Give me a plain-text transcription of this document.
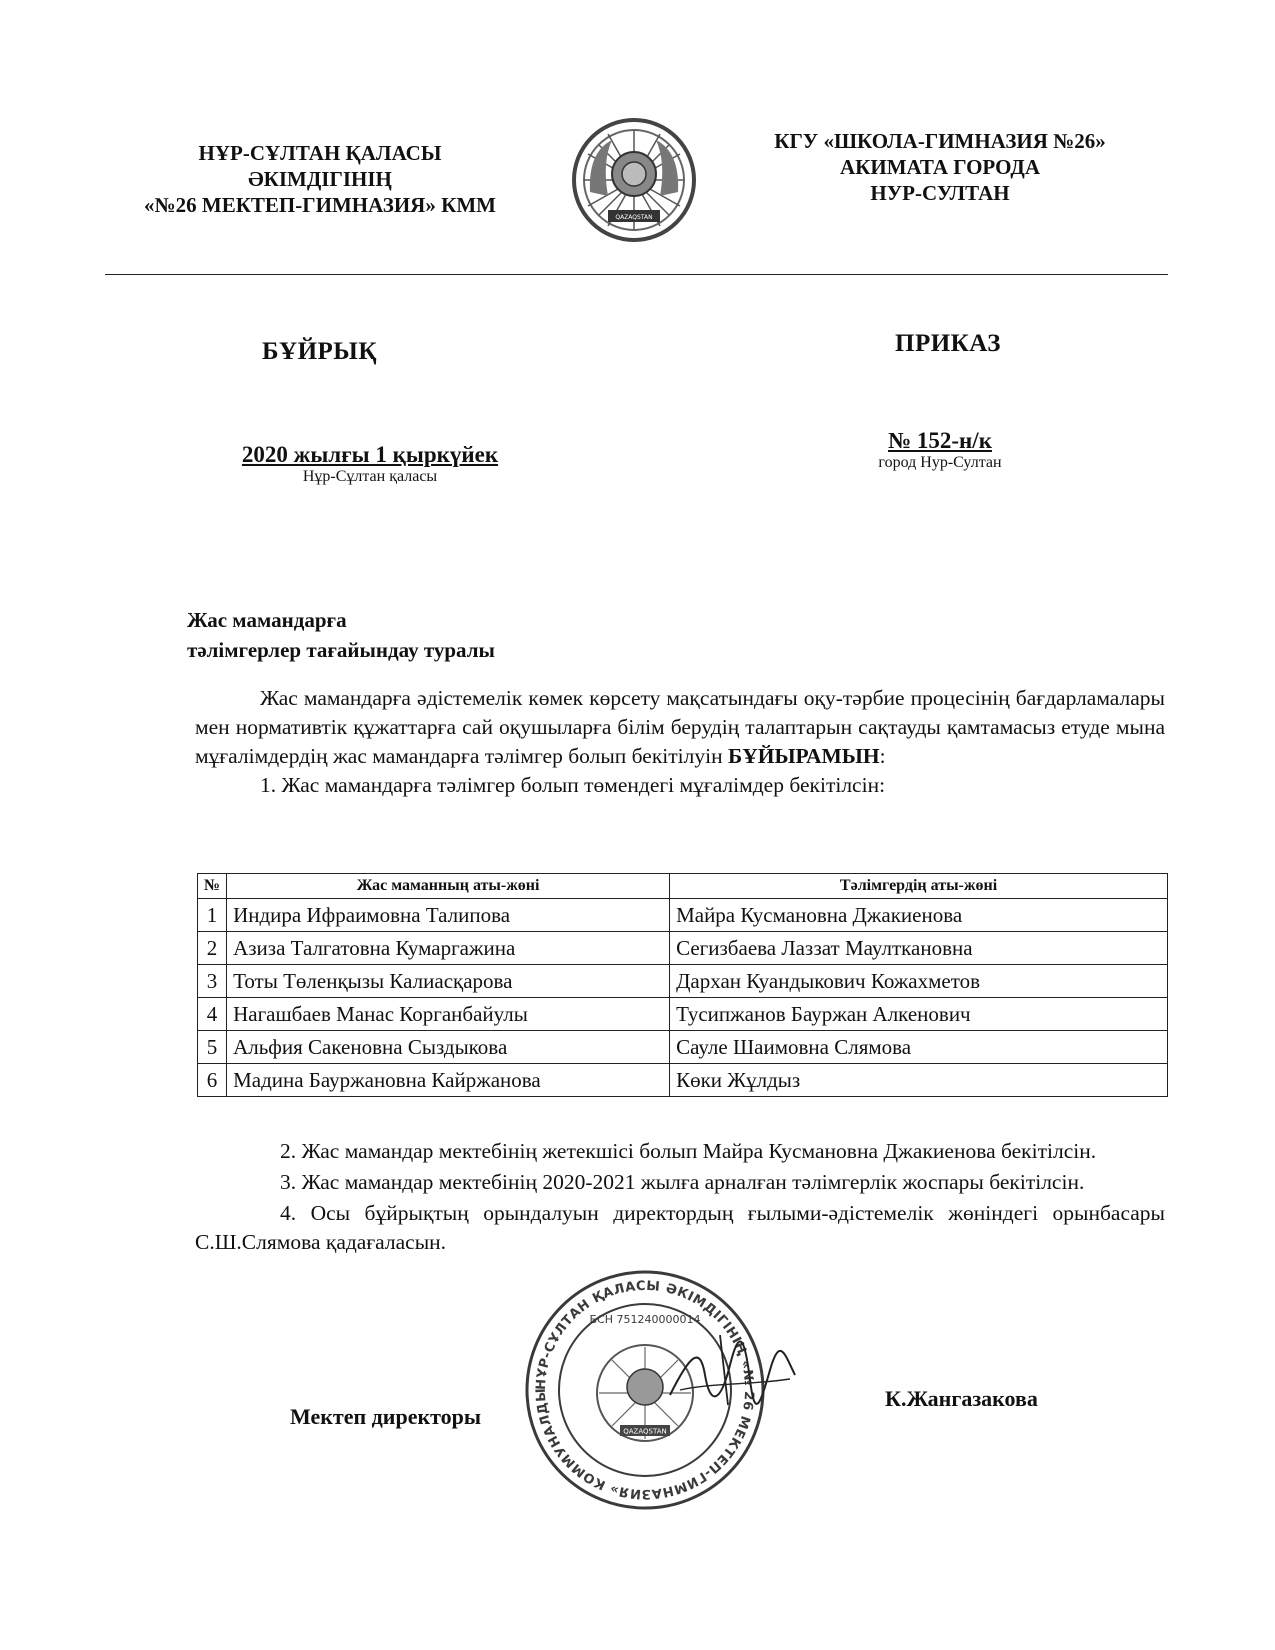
НҰР-СҰЛТАН ҚАЛАСЫ
ӘКІМДІГІНІҢ
«№26 МЕКТЕП-ГИМНАЗИЯ» КММ
QAZAQSTAN
КГУ «ШКОЛА-ГИМНАЗИЯ №26»
АКИМАТА ГОРОДА
НУР-СУЛТАН
БҰЙРЫҚ	ПРИКАЗ
2020 жылғы 1 қыркүйек
Нұр-Сұлтан қаласы
№ 152-н/к
город Нур-Султан
Жас мамандарға
тәлімгерлер тағайындау туралы

Жас мамандарға әдістемелік көмек көрсету мақсатындағы оқу-тәрбие процесінің бағдарламалары мен нормативтік құжаттарға сай оқушыларға білім берудің талаптарын сақтауды қамтамасыз етуде мына мұғалімдердің жас мамандарға тәлімгер болып бекітілуін БҰЙЫРАМЫН:

1. Жас мамандарға тәлімгер болып төмендегі мұғалімдер бекітілсін:

№	Жас маманның аты-жөні	Тәлімгердің аты-жөні
1	Индира Ифраимовна Талипова	Майра Кусмановна Джакиенова
2	Азиза Талгатовна Кумаргажина	Сегизбаева Лаззат Маулткановна
3	Тоты Төленқызы Калиасқарова	Дархан Куандыкович Кожахметов
4	Нагашбаев Манас Корганбайулы	Тусипжанов Бауржан Алкенович
5	Альфия Сакеновна Сыздыкова	Сауле Шаимовна Слямова
6	Мадина Бауржановна Кайржанова	Көки Жұлдыз

2. Жас мамандар мектебінің жетекшісі болып Майра Кусмановна Джакиенова бекітілсін.

3. Жас мамандар мектебінің 2020-2021 жылға арналған тәлімгерлік жоспары бекітілсін.

4. Осы бұйрықтың орындалуын директордың ғылыми-әдістемелік жөніндегі орынбасары С.Ш.Слямова қадағаласын.

НҰР-СҰЛТАН ҚАЛАСЫ ӘКІМДІГІНІҢ «№ 26 МЕКТЕП-ГИМНАЗИЯ» КОММУНАЛДЫ
БСН 751240000014
QAZAQSTAN
Мектеп директоры
К.Жангазакова
